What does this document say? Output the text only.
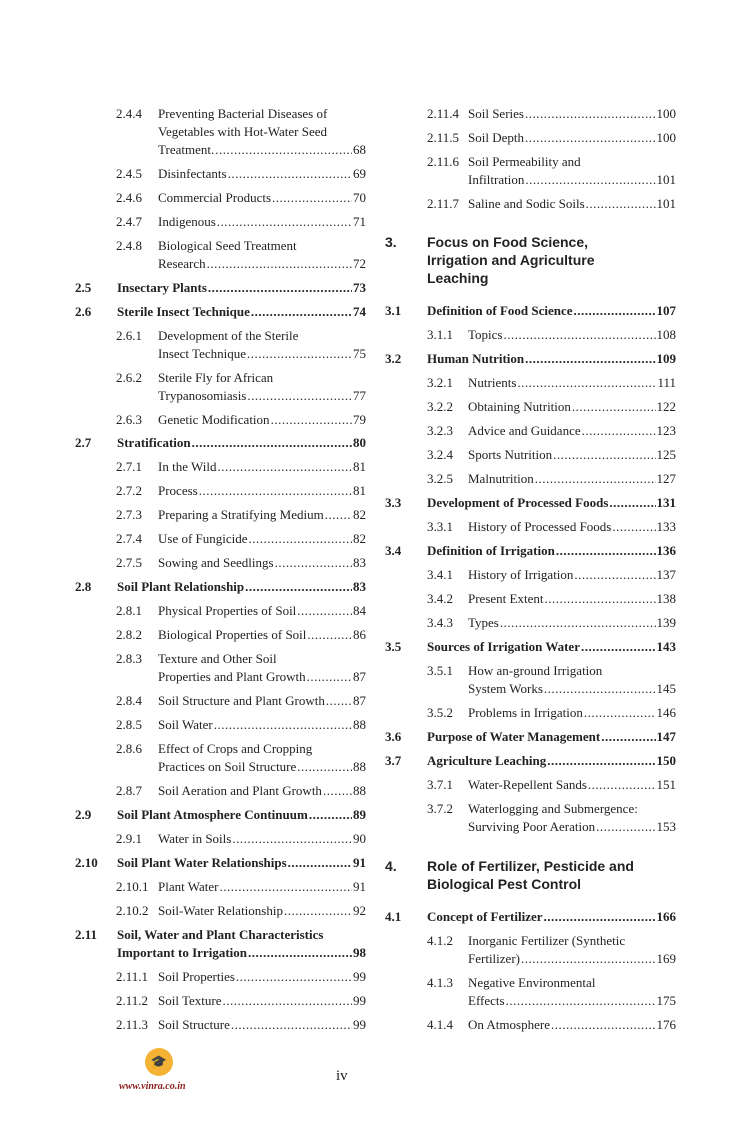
2.4.4 Preventing Bacterial Diseases of
Vegetables with Hot-Water Seed
Treatment. .....	68
2.4.5 Disinfectants .....	69
2.4.6 Commercial Products .....	70
2.4.7 Indigenous .....	71
2.4.8 Biological Seed Treatment
Research .....	72
2.5 Insectary Plants .....	73
2.6 Sterile Insect Technique .....	74
2.6.1 Development of the Sterile
Insect Technique .....	75
2.6.2 Sterile Fly for African
Trypanosomiasis .....	77
2.6.3 Genetic Modification .....	79
2.7 Stratification .....	80
2.7.1 In the Wild .....	81
2.7.2 Process .....	81
2.7.3 Preparing a Stratifying Medium ..... 82
2.7.4 Use of Fungicide .....	82
2.7.5 Sowing and Seedlings .....	83
2.8 Soil Plant Relationship .....	83
2.8.1 Physical Properties of Soil .....	84
2.8.2 Biological Properties of Soil .....	86
2.8.3 Texture and Other Soil
Properties and Plant Growth .....	87
2.8.4 Soil Structure and Plant Growth ..... 87
2.8.5 Soil Water .....	88
2.8.6 Effect of Crops and Cropping
Practices on Soil Structure .....	88
2.8.7 Soil Aeration and Plant Growth ..... 88
2.9 Soil Plant Atmosphere Continuum .....	89
2.9.1 Water in Soils .....	90
2.10 Soil Plant Water Relationships .....	91
2.10.1 Plant Water .....	91
2.10.2 Soil-Water Relationship .....	92
2.11 Soil, Water and Plant Characteristics
Important to Irrigation .....	98
2.11.1 Soil Properties .....	99
2.11.2 Soil Texture .....	99
2.11.3 Soil Structure .....	99
2.11.4 Soil Series .....	100
2.11.5 Soil Depth .....	100
2.11.6 Soil Permeability and
Infiltration .....	101
2.11.7 Saline and Sodic Soils .....	101
3. Focus on Food Science,
Irrigation and Agriculture
Leaching
3.1 Definition of Food Science .....	107
3.1.1 Topics .....	108
3.2 Human Nutrition .....	109
3.2.1 Nutrients .....	111
3.2.2 Obtaining Nutrition .....	122
3.2.3 Advice and Guidance .....	123
3.2.4 Sports Nutrition .....	125
3.2.5 Malnutrition .....	127
3.3 Development of Processed Foods .....	131
3.3.1 History of Processed Foods .....	133
3.4 Definition of Irrigation .....	136
3.4.1 History of Irrigation .....	137
3.4.2 Present Extent .....	138
3.4.3 Types .....	139
3.5 Sources of Irrigation Water .....	143
3.5.1 How an-ground Irrigation
System Works .....	145
3.5.2 Problems in Irrigation .....	146
3.6 Purpose of Water Management .....	147
3.7 Agriculture Leaching .....	150
3.7.1 Water-Repellent Sands .....	151
3.7.2 Waterlogging and Submergence:
Surviving Poor Aeration .....	153
4. Role of Fertilizer, Pesticide and
Biological Pest Control
4.1 Concept of Fertilizer .....	166
4.1.2 Inorganic Fertilizer (Synthetic
Fertilizer) .....	169
4.1.3 Negative Environmental
Effects .....	175
4.1.4 On Atmosphere .....	176
🎓
www.vinra.co.in
iv
